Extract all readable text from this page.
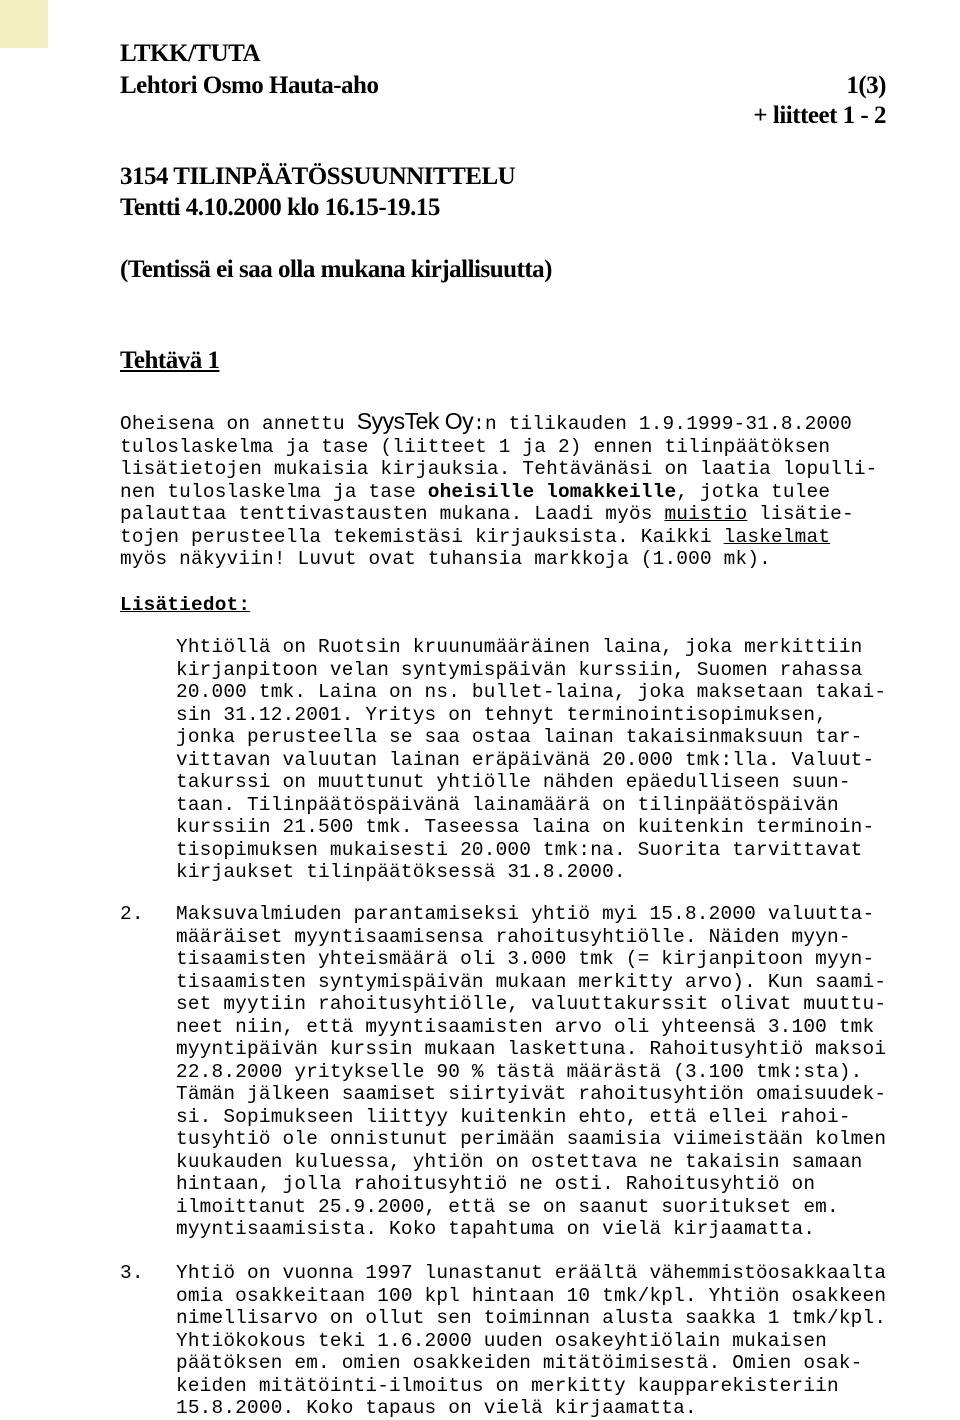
LTKK/TUTA
Lehtori Osmo Hauta-aho	1(3)
+ liitteet 1 - 2
3154 TILINPÄÄTÖSSUUNNITTELU
Tentti 4.10.2000 klo 16.15-19.15
(Tentissä ei saa olla mukana kirjallisuutta)
Tehtävä 1
Oheisena on annettu SyysTek Oy:n tilikauden 1.9.1999-31.8.2000
tuloslaskelma ja tase (liitteet 1 ja 2) ennen tilinpäätöksen
lisätietojen mukaisia kirjauksia. Tehtävänäsi on laatia lopulli-
nen tuloslaskelma ja tase oheisille lomakkeille, jotka tulee
palauttaa tenttivastausten mukana. Laadi myös muistio lisätie-
tojen perusteella tekemistäsi kirjauksista. Kaikki laskelmat
myös näkyviin! Luvut ovat tuhansia markkoja (1.000 mk).
Lisätiedot:
Yhtiöllä on Ruotsin kruunumääräinen laina, joka merkittiin
kirjanpitoon velan syntymispäivän kurssiin, Suomen rahassa
20.000 tmk. Laina on ns. bullet-laina, joka maksetaan takai-
sin 31.12.2001. Yritys on tehnyt terminointisopimuksen,
jonka perusteella se saa ostaa lainan takaisinmaksuun tar-
vittavan valuutan lainan eräpäivänä 20.000 tmk:lla. Valuut-
takurssi on muuttunut yhtiölle nähden epäedulliseen suun-
taan. Tilinpäätöspäivänä lainamäärä on tilinpäätöspäivän
kurssiin 21.500 tmk. Taseessa laina on kuitenkin terminoin-
tisopimuksen mukaisesti 20.000 tmk:na. Suorita tarvittavat
kirjaukset tilinpäätöksessä 31.8.2000.
2. Maksuvalmiuden parantamiseksi yhtiö myi 15.8.2000 valuutta-
määräiset myyntisaamisensa rahoitusyhtiölle. Näiden myyn-
tisaamisten yhteismäärä oli 3.000 tmk (= kirjanpitoon myyn-
tisaamisten syntymispäivän mukaan merkitty arvo). Kun saami-
set myytiin rahoitusyhtiölle, valuuttakurssit olivat muuttu-
neet niin, että myyntisaamisten arvo oli yhteensä 3.100 tmk
myyntipäivän kurssin mukaan laskettuna. Rahoitusyhtiö maksoi
22.8.2000 yritykselle 90 % tästä määrästä (3.100 tmk:sta).
Tämän jälkeen saamiset siirtyivät rahoitusyhtiön omaisuudek-
si. Sopimukseen liittyy kuitenkin ehto, että ellei rahoi-
tusyhtiö ole onnistunut perimään saamisia viimeistään kolmen
kuukauden kuluessa, yhtiön on ostettava ne takaisin samaan
hintaan, jolla rahoitusyhtiö ne osti. Rahoitusyhtiö on
ilmoittanut 25.9.2000, että se on saanut suoritukset em.
myyntisaamisista. Koko tapahtuma on vielä kirjaamatta.
3. Yhtiö on vuonna 1997 lunastanut eräältä vähemmistöosakkaalta
omia osakkeitaan 100 kpl hintaan 10 tmk/kpl. Yhtiön osakkeen
nimellisarvo on ollut sen toiminnan alusta saakka 1 tmk/kpl.
Yhtiökokous teki 1.6.2000 uuden osakeyhtiölain mukaisen
päätöksen em. omien osakkeiden mitätöimisestä. Omien osak-
keiden mitätöinti-ilmoitus on merkitty kaupparekisteriin
15.8.2000. Koko tapaus on vielä kirjaamatta.
